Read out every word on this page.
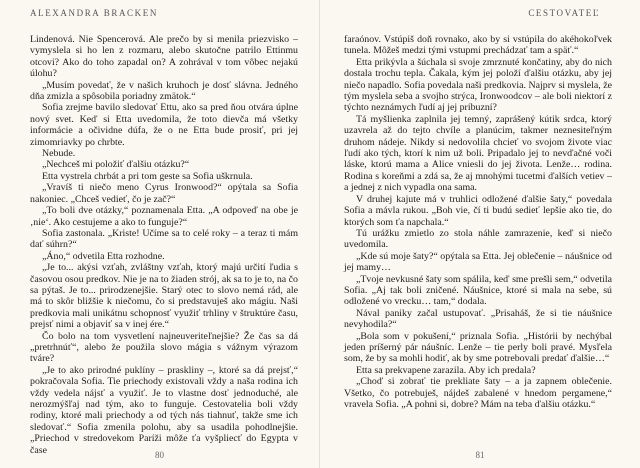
ALEXANDRA BRACKEN

Lindenová. Nie Spencerová. Ale prečo by si menila priezvisko – vymyslela si ho len z rozmaru, alebo skutočne patrilo Ettinmu otcovi? Ako do toho zapadal on? A zohrával v tom vôbec nejakú úlohu?

„Musím povedať, že v našich kruhoch je dosť slávna. Jedného dňa zmizla a spôsobila poriadny zmätok.“

Sofia zrejme bavilo sledovať Ettu, ako sa pred ňou otvára úplne nový svet. Keď si Etta uvedomila, že toto dievča má všetky informácie a očividne dúfa, že o ne Etta bude prosiť, pri jej zimomriavky po chrbte.

Nebude.

„Nechceš mi položiť ďalšiu otázku?“

Etta vystrela chrbát a pri tom geste sa Sofia uškrnula.

„Vravíš ti niečo meno Cyrus Ironwood?“ opýtala sa Sofia nakoniec. „Chceš vedieť, čo je zač?“

„To boli dve otázky,“ poznamenala Etta. „A odpoveď na obe je ‚nie‘. Ako cestujeme a ako to funguje?“

Sofia zastonala. „Kriste! Učíme sa to celé roky – a teraz ti mám dať súhrn?“

„Áno,“ odvetila Etta rozhodne.

„Je to... akýsi vzťah, zvláštny vzťah, ktorý majú určití ľudia s časovou osou predkov. Nie je na to žiaden strój, ak sa to je to, na čo sa pýtaš. Je to... prirodzenejšie. Starý otec to slovo nemá rád, ale má to skôr bližšie k niečomu, čo si predstavuješ ako mágiu. Naši predkovia mali unikátnu schopnosť využiť trhliny v štruktúre času, prejsť nimi a objaviť sa v inej ére.“

Čo bolo na tom vysvetlení najneuveriteľnejšie? Že čas sa dá „pretrhnúť“, alebo že použila slovo mágia s vážnym výrazom tváre?

„Je to ako prirodné puklíny – praskliny –, ktoré sa dá prejsť,“ pokračovala Sofia. Tie priechody existovali vždy a naša rodina ich vždy vedela nájsť a využiť. Je to vlastne dosť jednoduché, ale nerozmýšľaj nad tým, ako to funguje. Cestovatelia boli vždy rodiny, ktoré mali priechody a od tých nás tiahnuť, takže sme ich sledovať.“ Sofia zmenila polohu, aby sa usadila pohodlnejšie. „Priechod v stredovekom Paríži môže ťa vyšpliecť do Egypta v čase	80
CESTOVATEĽ

faraónov. Vstúpiš doň rovnako, ako by si vstúpila do akéhokoľvek tunela. Môžeš medzi tými vstupmi prechádzať tam a späť.“

Etta prikývla a šúchala si svoje zmrznuté končatiny, aby do nich dostala trochu tepla. Čakala, kým jej položí ďalšiu otázku, aby jej niečo napadlo. Sofia povedala naši predkovia. Najprv si myslela, že tým myslela seba a svojho strýca, Ironwoodcov – ale boli niektorí z týchto neznámych ľudí aj jej príbuzní?

Tá myšlienka zaplnila jej temný, zaprášený kútik srdca, ktorý uzavrela až do tejto chvíle a planúcim, takmer neznesiteľným druhom nádeje. Nikdy si nedovolila chcieť vo svojom živote viac ľudí ako tých, ktorí k nim už boli. Pripadalo jej to nevďačné voči láske, ktorú mama a Alice vniesli do jej života. Lenže… rodina. Rodina s koreňmi a zdá sa, že aj mnohými tucetmi ďalších vetiev – a jednej z nich vypadla ona sama.

V druhej kajute má v truhlici odložené ďalšie šaty,“ povedala Sofia a mávla rukou. „Boh vie, čí ti budú sedieť lepšie ako tie, do ktorých som ťa napchala.“

Tú urážku zmietlo zo stola náhle zamrazenie, keď si niečo uvedomila.

„Kde sú moje šaty?“ opýtala sa Etta. Jej oblečenie – náušnice od jej mamy…

„Tvoje nevkusné šaty som spálila, keď sme prešli sem,“ odvetila Sofia. „Aj tak boli zničené. Náušnice, ktoré si mala na sebe, sú odložené vo vrecku… tam,“ dodala.

Nával paniky začal ustupovať. „Prisaháš, že si tie náušnice nevyhodila?“

„Bola som v pokušení,“ priznala Sofia. „Histórii by nechýbal jeden príšerný pár náušníc. Lenže – tie perly boli pravé. Mysľela som, že by sa mohli hodiť, ak by sme potrebovali predať ďalšie…“

Etta sa prekvapene zarazila. Aby ich predala?

„Choď si zobrať tie prekliate šaty – a ja zapnem oblečenie. Všetko, čo potrebuješ, nájdeš zabalené v hnedom pergamene,“ vravela Sofia. „A pohni si, dobre? Mám na teba ďalšiu otázku.“

81
